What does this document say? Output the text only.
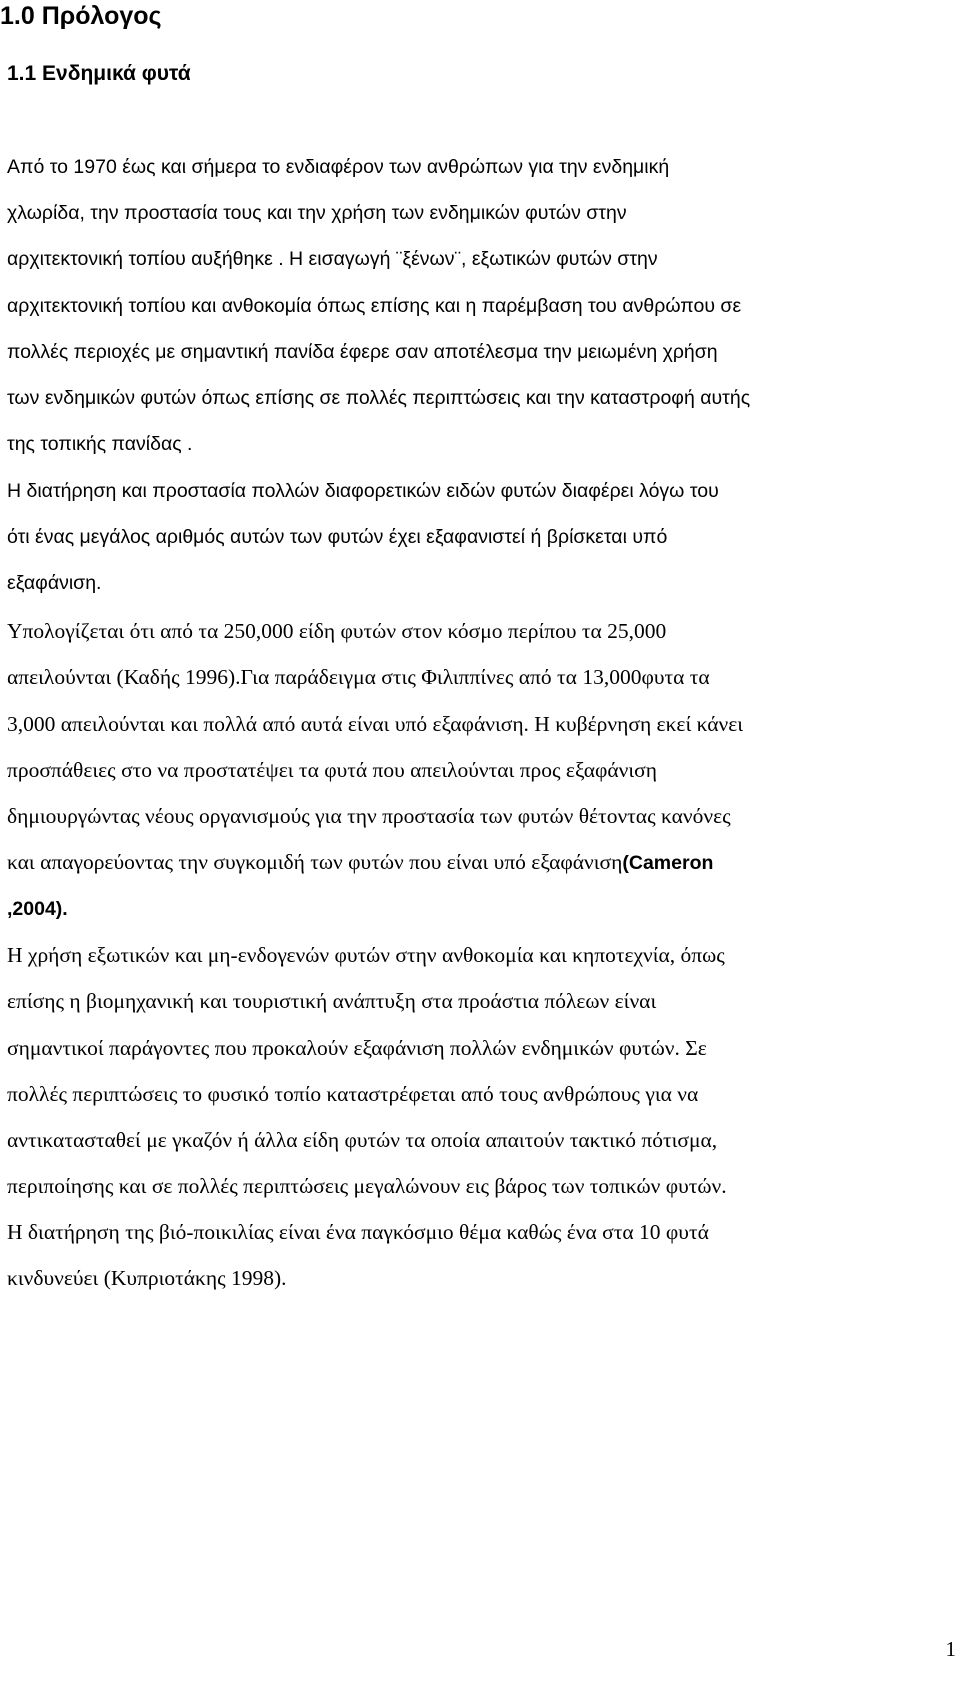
1.0 Πρόλογος
1.1 Ενδημικά φυτά
Από το 1970 έως και σήμερα το ενδιαφέρον των ανθρώπων για την ενδημική
χλωρίδα, την προστασία τους και την χρήση των ενδημικών φυτών στην
αρχιτεκτονική τοπίου αυξήθηκε . Η εισαγωγή ¨ξένων¨, εξωτικών φυτών στην
αρχιτεκτονική τοπίου και ανθοκομία όπως επίσης και η παρέμβαση του ανθρώπου σε
πολλές περιοχές με σημαντική πανίδα έφερε σαν αποτέλεσμα την μειωμένη χρήση
των ενδημικών φυτών όπως επίσης σε πολλές περιπτώσεις και την καταστροφή αυτής
της τοπικής πανίδας .
Η διατήρηση και προστασία πολλών διαφορετικών ειδών φυτών διαφέρει λόγω του
ότι ένας μεγάλος αριθμός αυτών των φυτών έχει εξαφανιστεί ή βρίσκεται υπό
εξαφάνιση.
Υπολογίζεται ότι από τα 250,000 είδη φυτών στον κόσμο περίπου τα 25,000
απειλούνται (Καδής 1996).Για παράδειγμα στις Φιλιππίνες από τα 13,000φυτα τα
3,000 απειλούνται και πολλά από αυτά είναι υπό εξαφάνιση. Η κυβέρνηση εκεί κάνει
προσπάθειες στο να προστατέψει τα φυτά που απειλούνται προς εξαφάνιση
δημιουργώντας νέους οργανισμούς για την προστασία των φυτών θέτοντας κανόνες
και απαγορεύοντας την συγκομιδή των φυτών που είναι υπό εξαφάνιση(Cameron
,2004).
Η χρήση εξωτικών και μη-ενδογενών φυτών στην ανθοκομία και κηποτεχνία, όπως
επίσης η βιομηχανική και τουριστική ανάπτυξη στα προάστια πόλεων είναι
σημαντικοί παράγοντες που προκαλούν εξαφάνιση πολλών ενδημικών φυτών. Σε
πολλές περιπτώσεις το φυσικό τοπίο καταστρέφεται από τους ανθρώπους για να
αντικατασταθεί με γκαζόν ή άλλα είδη φυτών τα οποία απαιτούν τακτικό πότισμα,
περιποίησης και σε πολλές περιπτώσεις μεγαλώνουν εις βάρος των τοπικών φυτών.
Η διατήρηση της βιό-ποικιλίας είναι ένα παγκόσμιο θέμα καθώς ένα στα 10 φυτά
κινδυνεύει (Κυπριοτάκης 1998).
1
